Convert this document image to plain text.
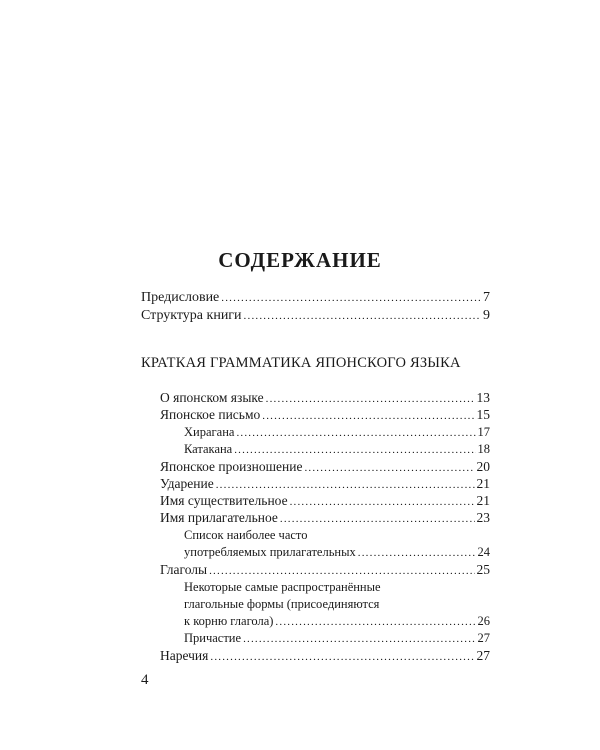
СОДЕРЖАНИЕ
Предисловие .....	7
Структура книги .....	9
КРАТКАЯ ГРАММАТИКА ЯПОНСКОГО ЯЗЫКА
О японском языке .....	13
Японское письмо .....	15
Хирагана .....	17
Катакана .....	18
Японское произношение .....	20
Ударение .....	21
Имя существительное .....	21
Имя прилагательное .....	23
Список наиболее часто
употребляемых прилагательных .....	24
Глаголы .....	25
Некоторые самые распространённые
глагольные формы (присоединяются
к корню глагола) .....	26
Причастие .....	27
Наречия .....	27
4
